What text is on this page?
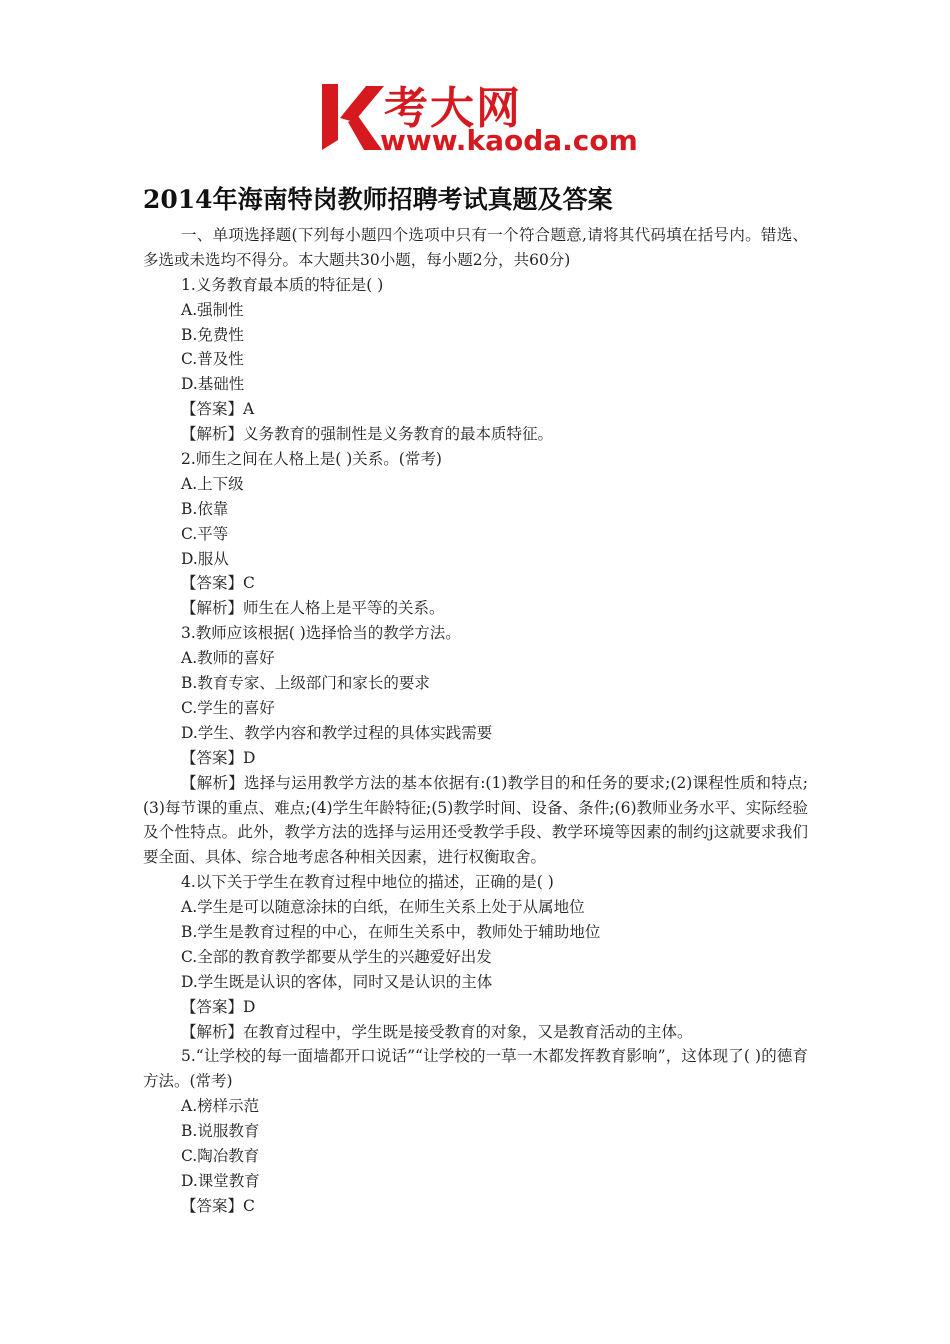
考大网
www.kaoda.com
2014年海南特岗教师招聘考试真题及答案
一、单项选择题(下列每小题四个选项中只有一个符合题意,请将其代码填在括号内。错选、多选或未选均不得分。本大题共30小题，每小题2分，共60分)
1.义务教育最本质的特征是( )
A.强制性
B.免费性
C.普及性
D.基础性
【答案】A
【解析】义务教育的强制性是义务教育的最本质特征。
2.师生之间在人格上是( )关系。(常考)
A.上下级
B.依靠
C.平等
D.服从
【答案】C
【解析】师生在人格上是平等的关系。
3.教师应该根据( )选择恰当的教学方法。
A.教师的喜好
B.教育专家、上级部门和家长的要求
C.学生的喜好
D.学生、教学内容和教学过程的具体实践需要
【答案】D
【解析】选择与运用教学方法的基本依据有:(1)教学目的和任务的要求;(2)课程性质和特点;(3)每节课的重点、难点;(4)学生年龄特征;(5)教学时间、设备、条件;(6)教师业务水平、实际经验及个性特点。此外，教学方法的选择与运用还受教学手段、教学环境等因素的制约j这就要求我们要全面、具体、综合地考虑各种相关因素，进行权衡取舍。
4.以下关于学生在教育过程中地位的描述，正确的是( )
A.学生是可以随意涂抹的白纸，在师生关系上处于从属地位
B.学生是教育过程的中心，在师生关系中，教师处于辅助地位
C.全部的教育教学都要从学生的兴趣爱好出发
D.学生既是认识的客体，同时又是认识的主体
【答案】D
【解析】在教育过程中，学生既是接受教育的对象，又是教育活动的主体。
5.“让学校的每一面墙都开口说话”“让学校的一草一木都发挥教育影响”，这体现了( )的德育方法。(常考)
A.榜样示范
B.说服教育
C.陶冶教育
D.课堂教育
【答案】C
